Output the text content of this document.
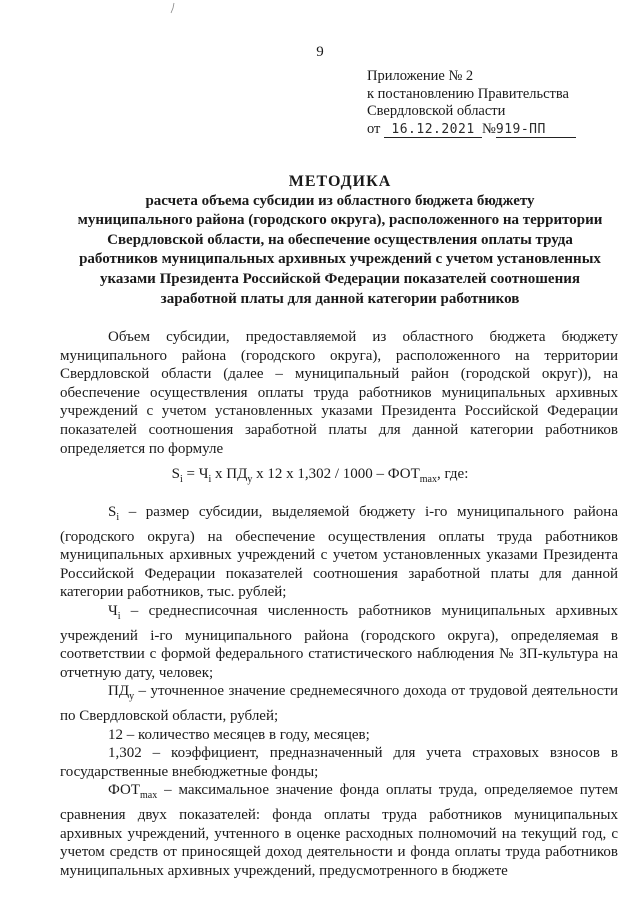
9
Приложение № 2
к постановлению Правительства
Свердловской области
от 16.12.2021 №919-ПП
МЕТОДИКА
расчета объема субсидии из областного бюджета бюджету
муниципального района (городского округа), расположенного на территории
Свердловской области, на обеспечение осуществления оплаты труда
работников муниципальных архивных учреждений с учетом установленных
указами Президента Российской Федерации показателей соотношения
заработной платы для данной категории работников

Объем субсидии, предоставляемой из областного бюджета бюджету муниципального района (городского округа), расположенного на территории Свердловской области (далее – муниципальный район (городской округ)), на обеспечение осуществления оплаты труда работников муниципальных архивных учреждений с учетом установленных указами Президента Российской Федерации показателей соотношения заработной платы для данной категории работников определяется по формуле

$S_i = Ч_i$ x $ПД_у$ x 12 x $1,302 / 1000 - ФОТ_{max}$, где:

$S_i$ – размер субсидии, выделяемой бюджету i-го муниципального района (городского округа) на обеспечение осуществления оплаты труда работников муниципальных архивных учреждений с учетом установленных указами Президента Российской Федерации показателей соотношения заработной платы для данной категории работников, тыс. рублей;

$Ч_i$ – среднесписочная численность работников муниципальных архивных учреждений i-го муниципального района (городского округа), определяемая в соответствии с формой федерального статистического наблюдения № ЗП-культура на отчетную дату, человек;

$ПД_у$ – уточненное значение среднемесячного дохода от трудовой деятельности по Свердловской области, рублей;

12 – количество месяцев в году, месяцев;

1,302 – коэффициент, предназначенный для учета страховых взносов в государственные внебюджетные фонды;

$ФОТ_{max}$ – максимальное значение фонда оплаты труда, определяемое путем сравнения двух показателей: фонда оплаты труда работников муниципальных архивных учреждений, учтенного в оценке расходных полномочий на текущий год, с учетом средств от приносящей доход деятельности и фонда оплаты труда работников муниципальных архивных учреждений, предусмотренного в бюджете
